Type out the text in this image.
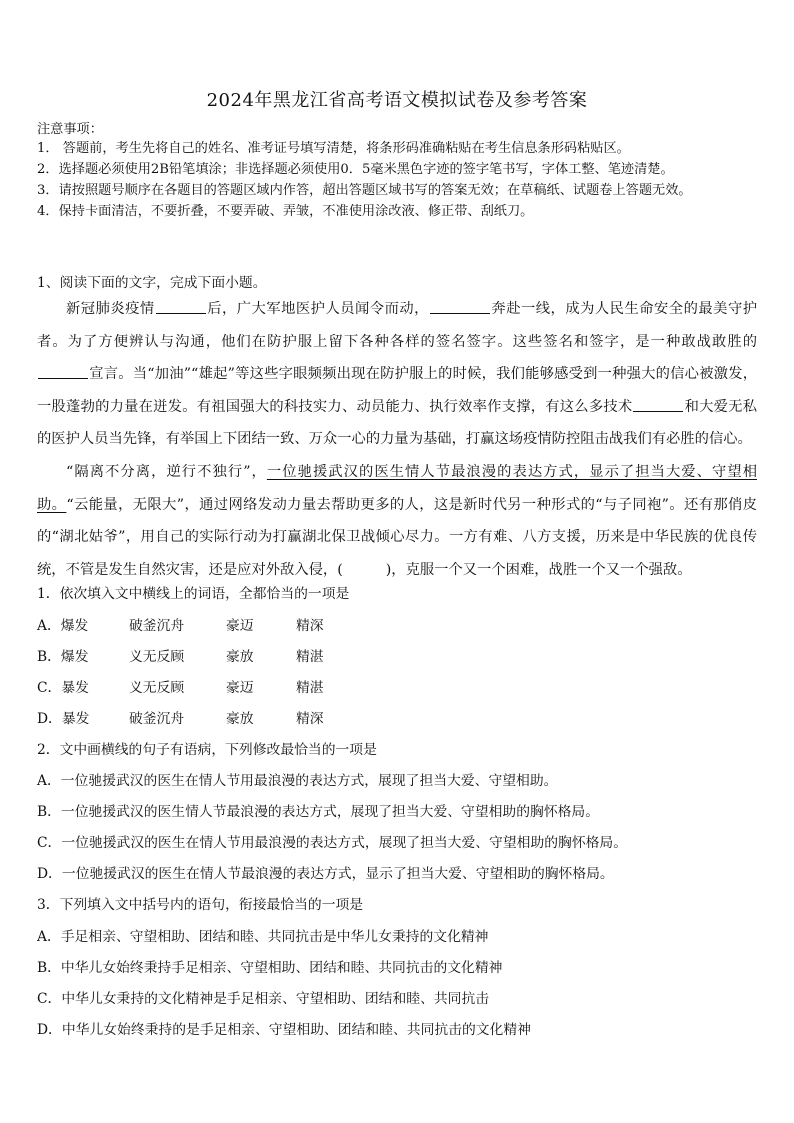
2024年黑龙江省高考语文模拟试卷及参考答案
注意事项：
1． 答题前，考生先将自己的姓名、准考证号填写清楚，将条形码准确粘贴在考生信息条形码粘贴区。
2．选择题必须使用2B铅笔填涂；非选择题必须使用0．5毫米黑色字迹的签字笔书写，字体工整、笔迹清楚。
3．请按照题号顺序在各题目的答题区域内作答，超出答题区域书写的答案无效；在草稿纸、试题卷上答题无效。
4．保持卡面清洁，不要折叠，不要弄破、弄皱，不准使用涂改液、修正带、刮纸刀。
1、阅读下面的文字，完成下面小题。

新冠肺炎疫情	后，广大军地医护人员闻令而动，	奔赴一线，成为人民生命安全的最美守护者。为了方便辨认与沟通，他们在防护服上留下各种各样的签名签字。这些签名和签字，是一种敢战敢胜的宣言。当“加油”“雄起”等这些字眼频频出现在防护服上的时候，我们能够感受到一种强大的信心被激发，一股蓬勃的力量在迸发。有祖国强大的科技实力、动员能力、执行效率作支撑，有这么多技术	和大爱无私的医护人员当先锋，有举国上下团结一致、万众一心的力量为基础，打赢这场疫情防控阻击战我们有必胜的信心。

“隔离不分离，逆行不独行”，一位驰援武汉的医生情人节最浪漫的表达方式，显示了担当大爱、守望相助。“云能量，无限大”，通过网络发动力量去帮助更多的人，这是新时代另一种形式的“与子同袍”。还有那俏皮的“湖北姑爷”，用自己的实际行动为打赢湖北保卫战倾心尽力。一方有难、八方支援，历来是中华民族的优良传统，不管是发生自然灾害，还是应对外敌入侵，(　　　)，克服一个又一个困难，战胜一个又一个强敌。

1．依次填入文中横线上的词语，全都恰当的一项是
A．爆发	破釜沉舟	豪迈	精深
B．爆发	义无反顾	豪放	精湛
C．暴发	义无反顾	豪迈	精湛
D．暴发	破釜沉舟	豪放	精深
2．文中画横线的句子有语病，下列修改最恰当的一项是
A．一位驰援武汉的医生在情人节用最浪漫的表达方式，展现了担当大爱、守望相助。
B．一位驰援武汉的医生情人节最浪漫的表达方式，展现了担当大爱、守望相助的胸怀格局。
C．一位驰援武汉的医生在情人节用最浪漫的表达方式，展现了担当大爱、守望相助的胸怀格局。
D．一位驰援武汉的医生在情人节最浪漫的表达方式，显示了担当大爱、守望相助的胸怀格局。
3．下列填入文中括号内的语句，衔接最恰当的一项是
A．手足相亲、守望相助、团结和睦、共同抗击是中华儿女秉持的文化精神
B．中华儿女始终秉持手足相亲、守望相助、团结和睦、共同抗击的文化精神
C．中华儿女秉持的文化精神是手足相亲、守望相助、团结和睦、共同抗击
D．中华儿女始终秉持的是手足相亲、守望相助、团结和睦、共同抗击的文化精神
